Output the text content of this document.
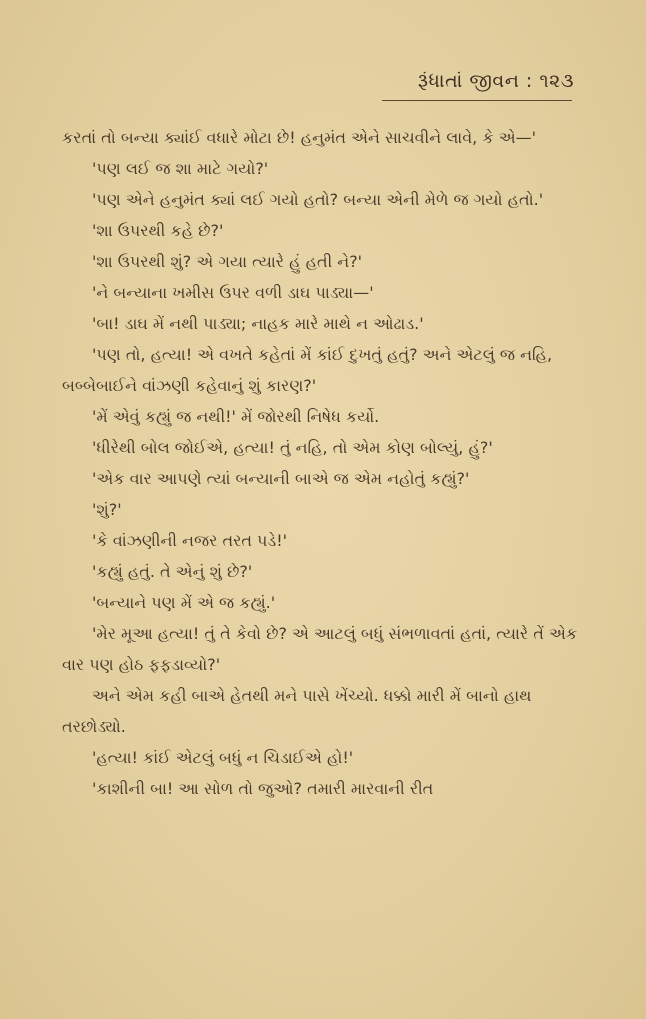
રૂંધાતાં જીવન : ૧૨૩

કરતાં તો બન્યા ક્યાંઈ વધારે મોટા છે! હનુમંત એને સાચવીને લાવે, કે એ—'

'પણ લઈ જ શા માટે ગયો?'

'પણ એને હનુમંત ક્યાં લઈ ગયો હતો? બન્યા એની મેળે જ ગયો હતો.'

'શા ઉપરથી કહે છે?'

'શા ઉપરથી શું? એ ગયા ત્યારે હું હતી ને?'

'ને બન્યાના ખમીસ ઉપર વળી ડાઘ પાડ્યા—'

'બા! ડાઘ મેં નથી પાડ્યા; નાહક મારે માથે ન ઓઢાડ.'

'પણ તો, હત્યા! એ વખતે કહેતાં મેં કાંઈ દુખતું હતું? અને એટલું જ નહિ, બબ્બેબાઈને વાંઝણી કહેવાનું શું કારણ?'

'મેં એવું કહ્યું જ નથી!' મેં જોરથી નિષેધ કર્યો.

'ધીરેથી બોલ જોઈએ, હત્યા! તું નહિ, તો એમ કોણ બોલ્યું, હું?'

'એક વાર આપણે ત્યાં બન્યાની બાએ જ એમ નહોતું કહ્યું?'

'શું?'

'કે વાંઝણીની નજર તરત પડે!'

'કહ્યું હતું. તે એનું શું છે?'

'બન્યાને પણ મેં એ જ કહ્યું.'

'મેર મૂઆ હત્યા! તું તે કેવો છે? એ આટલું બધું સંભળાવતાં હતાં, ત્યારે તેં એક વાર પણ હોઠ ફફડાવ્યો?'

અને એમ કહી બાએ હેતથી મને પાસે ખેંચ્યો. ધક્કો મારી મેં બાનો હાથ તરછોડ્યો.

'હત્યા! કાંઈ એટલું બધું ન ચિડાઈએ હો!'

'કાશીની બા! આ સોળ તો જુઓ? તમારી મારવાની રીત
